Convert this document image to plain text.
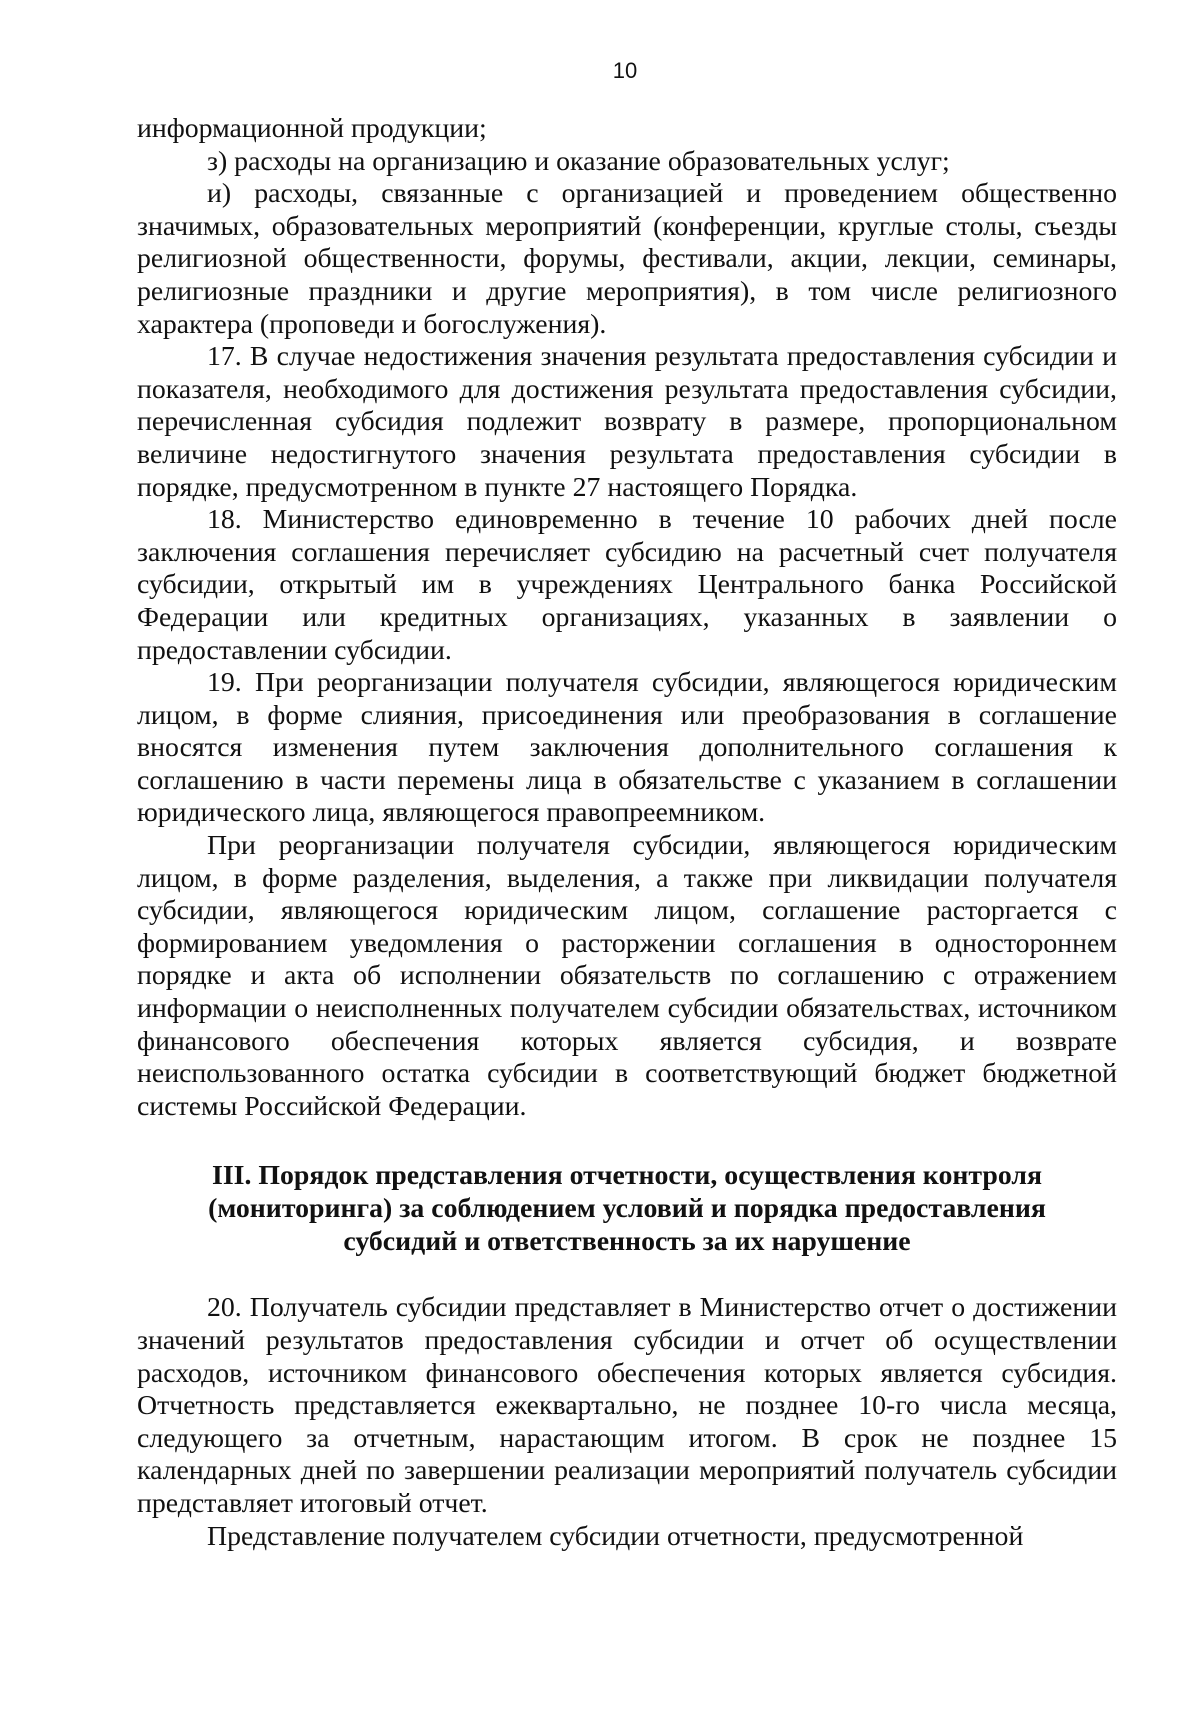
10

информационной продукции;

з) расходы на организацию и оказание образовательных услуг;

и) расходы, связанные с организацией и проведением общественно значимых, образовательных мероприятий (конференции, круглые столы, съезды религиозной общественности, форумы, фестивали, акции, лекции, семинары, религиозные праздники и другие мероприятия), в том числе религиозного характера (проповеди и богослужения).

17. В случае недостижения значения результата предоставления субсидии и показателя, необходимого для достижения результата предоставления субсидии, перечисленная субсидия подлежит возврату в размере, пропорциональном величине недостигнутого значения результата предоставления субсидии в порядке, предусмотренном в пункте 27 настоящего Порядка.

18. Министерство единовременно в течение 10 рабочих дней после заключения соглашения перечисляет субсидию на расчетный счет получателя субсидии, открытый им в учреждениях Центрального банка Российской Федерации или кредитных организациях, указанных в заявлении о предоставлении субсидии.

19. При реорганизации получателя субсидии, являющегося юридическим лицом, в форме слияния, присоединения или преобразования в соглашение вносятся изменения путем заключения дополнительного соглашения к соглашению в части перемены лица в обязательстве с указанием в соглашении юридического лица, являющегося правопреемником.

При реорганизации получателя субсидии, являющегося юридическим лицом, в форме разделения, выделения, а также при ликвидации получателя субсидии, являющегося юридическим лицом, соглашение расторгается с формированием уведомления о расторжении соглашения в одностороннем порядке и акта об исполнении обязательств по соглашению с отражением информации о неисполненных получателем субсидии обязательствах, источником финансового обеспечения которых является субсидия, и возврате неиспользованного остатка субсидии в соответствующий бюджет бюджетной системы Российской Федерации.

III. Порядок представления отчетности, осуществления контроля
(мониторинга) за соблюдением условий и порядка предоставления
субсидий и ответственность за их нарушение

20. Получатель субсидии представляет в Министерство отчет о достижении значений результатов предоставления субсидии и отчет об осуществлении расходов, источником финансового обеспечения которых является субсидия. Отчетность представляется ежеквартально, не позднее 10-го числа месяца, следующего за отчетным, нарастающим итогом. В срок не позднее 15 календарных дней по завершении реализации мероприятий получатель субсидии представляет итоговый отчет.

Представление получателем субсидии отчетности, предусмотренной
